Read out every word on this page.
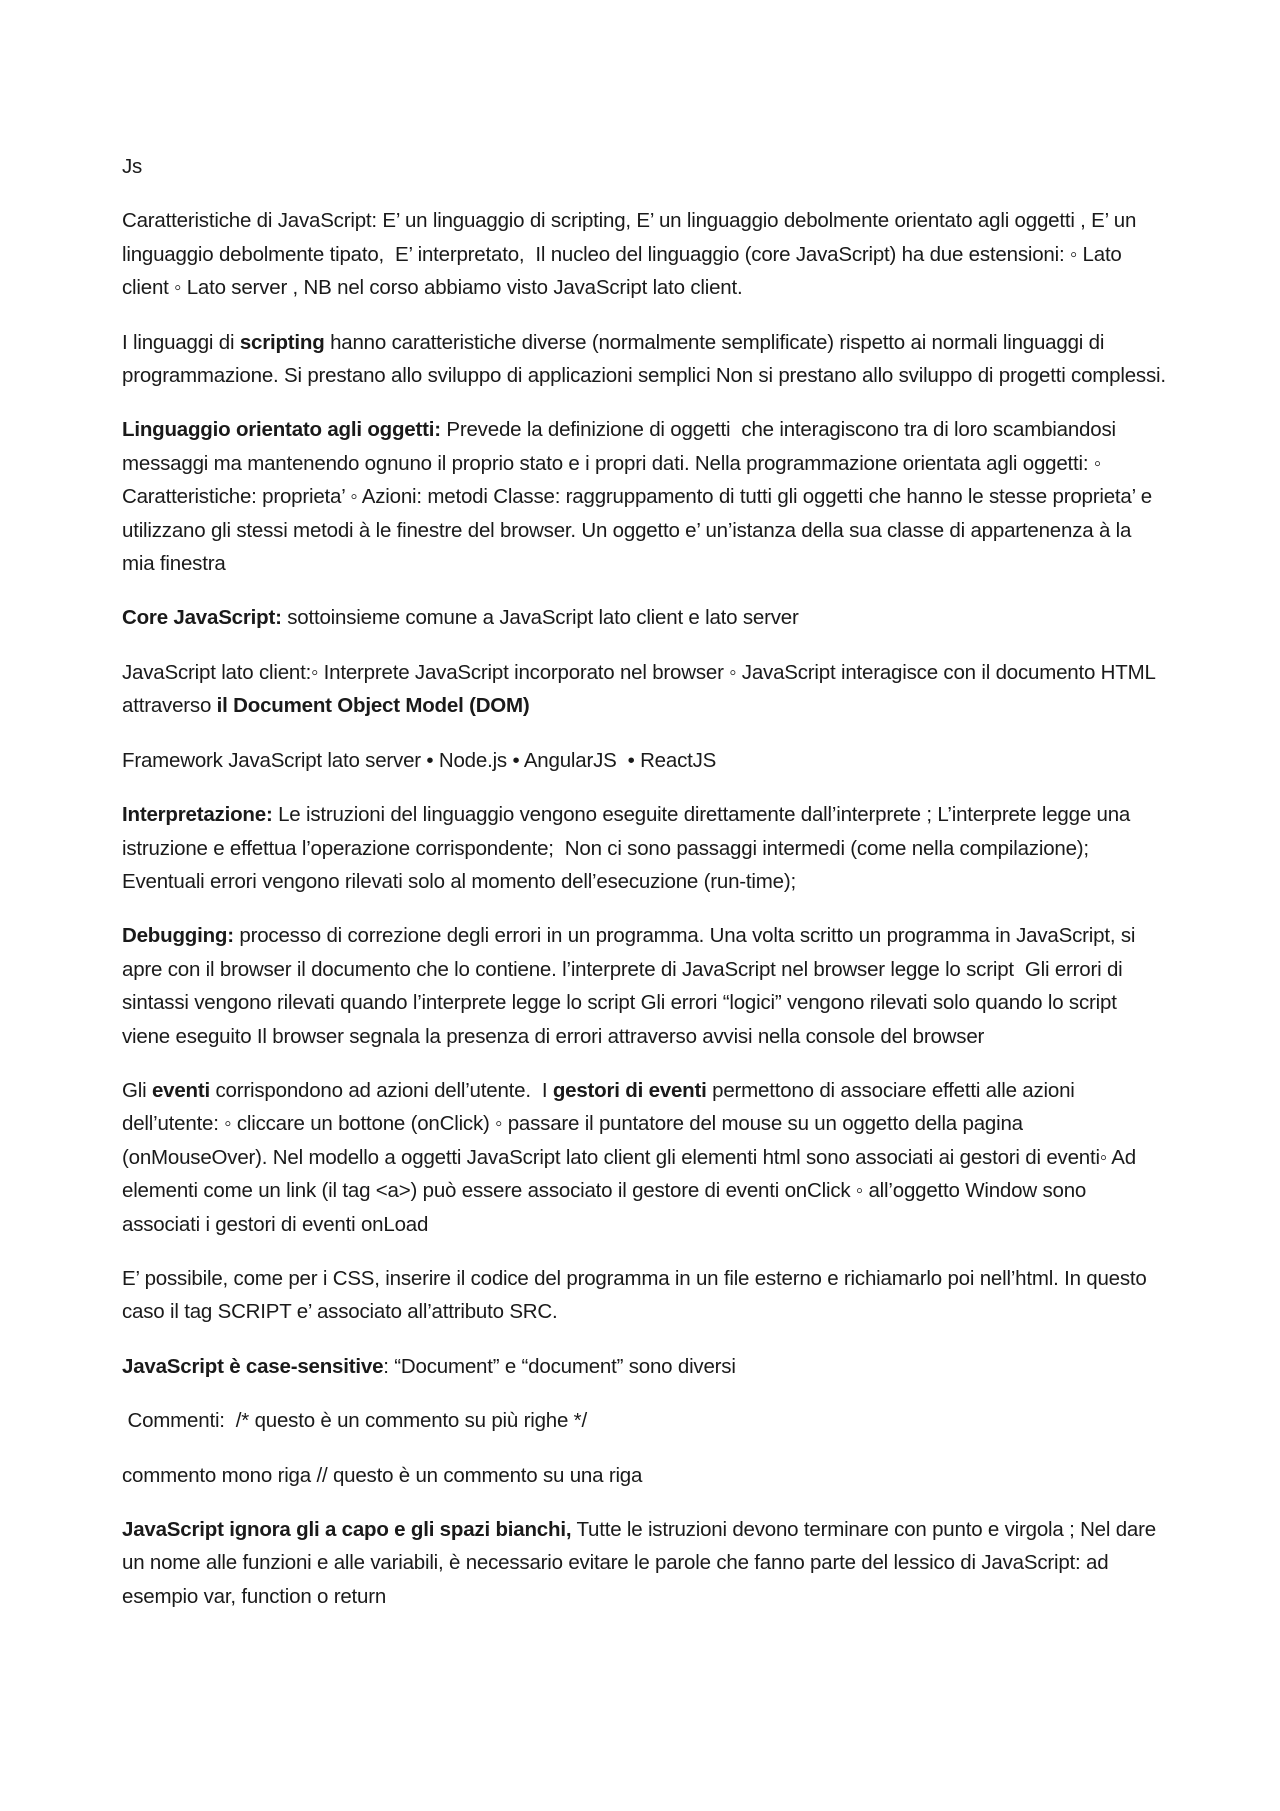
Js

Caratteristiche di JavaScript: E’ un linguaggio di scripting, E’ un linguaggio debolmente orientato agli oggetti , E’ un linguaggio debolmente tipato,  E’ interpretato,  Il nucleo del linguaggio (core JavaScript) ha due estensioni: ◦ Lato client ◦ Lato server , NB nel corso abbiamo visto JavaScript lato client.

I linguaggi di scripting hanno caratteristiche diverse (normalmente semplificate) rispetto ai normali linguaggi di programmazione. Si prestano allo sviluppo di applicazioni semplici Non si prestano allo sviluppo di progetti complessi.

Linguaggio orientato agli oggetti: Prevede la definizione di oggetti  che interagiscono tra di loro scambiandosi messaggi ma mantenendo ognuno il proprio stato e i propri dati. Nella programmazione orientata agli oggetti: ◦ Caratteristiche: proprieta’ ◦ Azioni: metodi Classe: raggruppamento di tutti gli oggetti che hanno le stesse proprieta’ e utilizzano gli stessi metodi à le finestre del browser. Un oggetto e’ un’istanza della sua classe di appartenenza à la mia finestra

Core JavaScript: sottoinsieme comune a JavaScript lato client e lato server

JavaScript lato client:◦ Interprete JavaScript incorporato nel browser ◦ JavaScript interagisce con il documento HTML attraverso il Document Object Model (DOM)

Framework JavaScript lato server • Node.js • AngularJS  • ReactJS

Interpretazione: Le istruzioni del linguaggio vengono eseguite direttamente dall’interprete ; L’interprete legge una istruzione e effettua l’operazione corrispondente;  Non ci sono passaggi intermedi (come nella compilazione);  Eventuali errori vengono rilevati solo al momento dell’esecuzione (run-time);

Debugging: processo di correzione degli errori in un programma. Una volta scritto un programma in JavaScript, si apre con il browser il documento che lo contiene. l’interprete di JavaScript nel browser legge lo script  Gli errori di sintassi vengono rilevati quando l’interprete legge lo script Gli errori “logici” vengono rilevati solo quando lo script viene eseguito Il browser segnala la presenza di errori attraverso avvisi nella console del browser

Gli eventi corrispondono ad azioni dell’utente.  I gestori di eventi permettono di associare effetti alle azioni dell’utente: ◦ cliccare un bottone (onClick) ◦ passare il puntatore del mouse su un oggetto della pagina (onMouseOver). Nel modello a oggetti JavaScript lato client gli elementi html sono associati ai gestori di eventi◦ Ad elementi come un link (il tag <a>) può essere associato il gestore di eventi onClick ◦ all’oggetto Window sono associati i gestori di eventi onLoad

E’ possibile, come per i CSS, inserire il codice del programma in un file esterno e richiamarlo poi nell’html. In questo caso il tag SCRIPT e’ associato all’attributo SRC.

JavaScript è case-sensitive: “Document” e “document” sono diversi

Commenti:  /* questo è un commento su più righe */

commento mono riga // questo è un commento su una riga

JavaScript ignora gli a capo e gli spazi bianchi, Tutte le istruzioni devono terminare con punto e virgola ; Nel dare un nome alle funzioni e alle variabili, è necessario evitare le parole che fanno parte del lessico di JavaScript: ad esempio var, function o return
